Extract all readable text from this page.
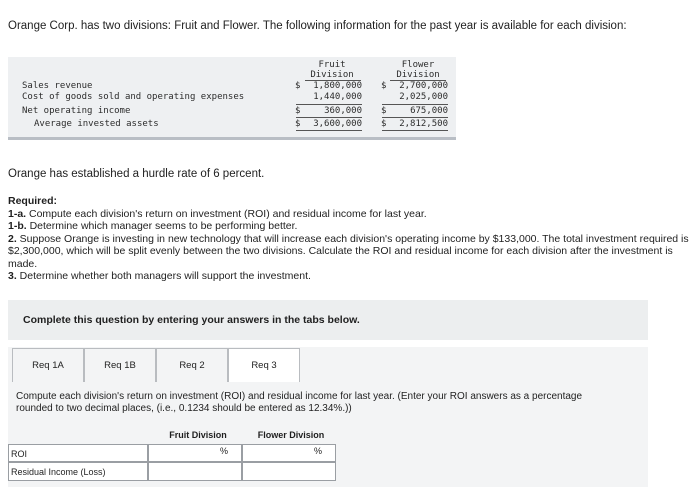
Orange Corp. has two divisions: Fruit and Flower. The following information for the past year is available for each division:
Fruit
Division
Flower
Division
Sales revenue	$	1,800,000 $	2,700,000
Cost of goods sold and operating expenses	1,440,000	2,025,000
Net operating income	$	360,000 $	675,000
Average invested assets	$	3,600,000 $	2,812,500
Orange has established a hurdle rate of 6 percent.
Required:
1-a. Compute each division's return on investment (ROI) and residual income for last year.
1-b. Determine which manager seems to be performing better.
2. Suppose Orange is investing in new technology that will increase each division's operating income by $133,000. The total investment required is $2,300,000, which will be split evenly between the two divisions. Calculate the ROI and residual income for each division after the investment is made.
3. Determine whether both managers will support the investment.
Complete this question by entering your answers in the tabs below.
Req 1A	Req 1B	Req 2	Req 3
Compute each division's return on investment (ROI) and residual income for last year. (Enter your ROI answers as a percentage rounded to two decimal places, (i.e., 0.1234 should be entered as 12.34%.))
Fruit Division	Flower Division
ROI	%	%
Residual Income (Loss)
